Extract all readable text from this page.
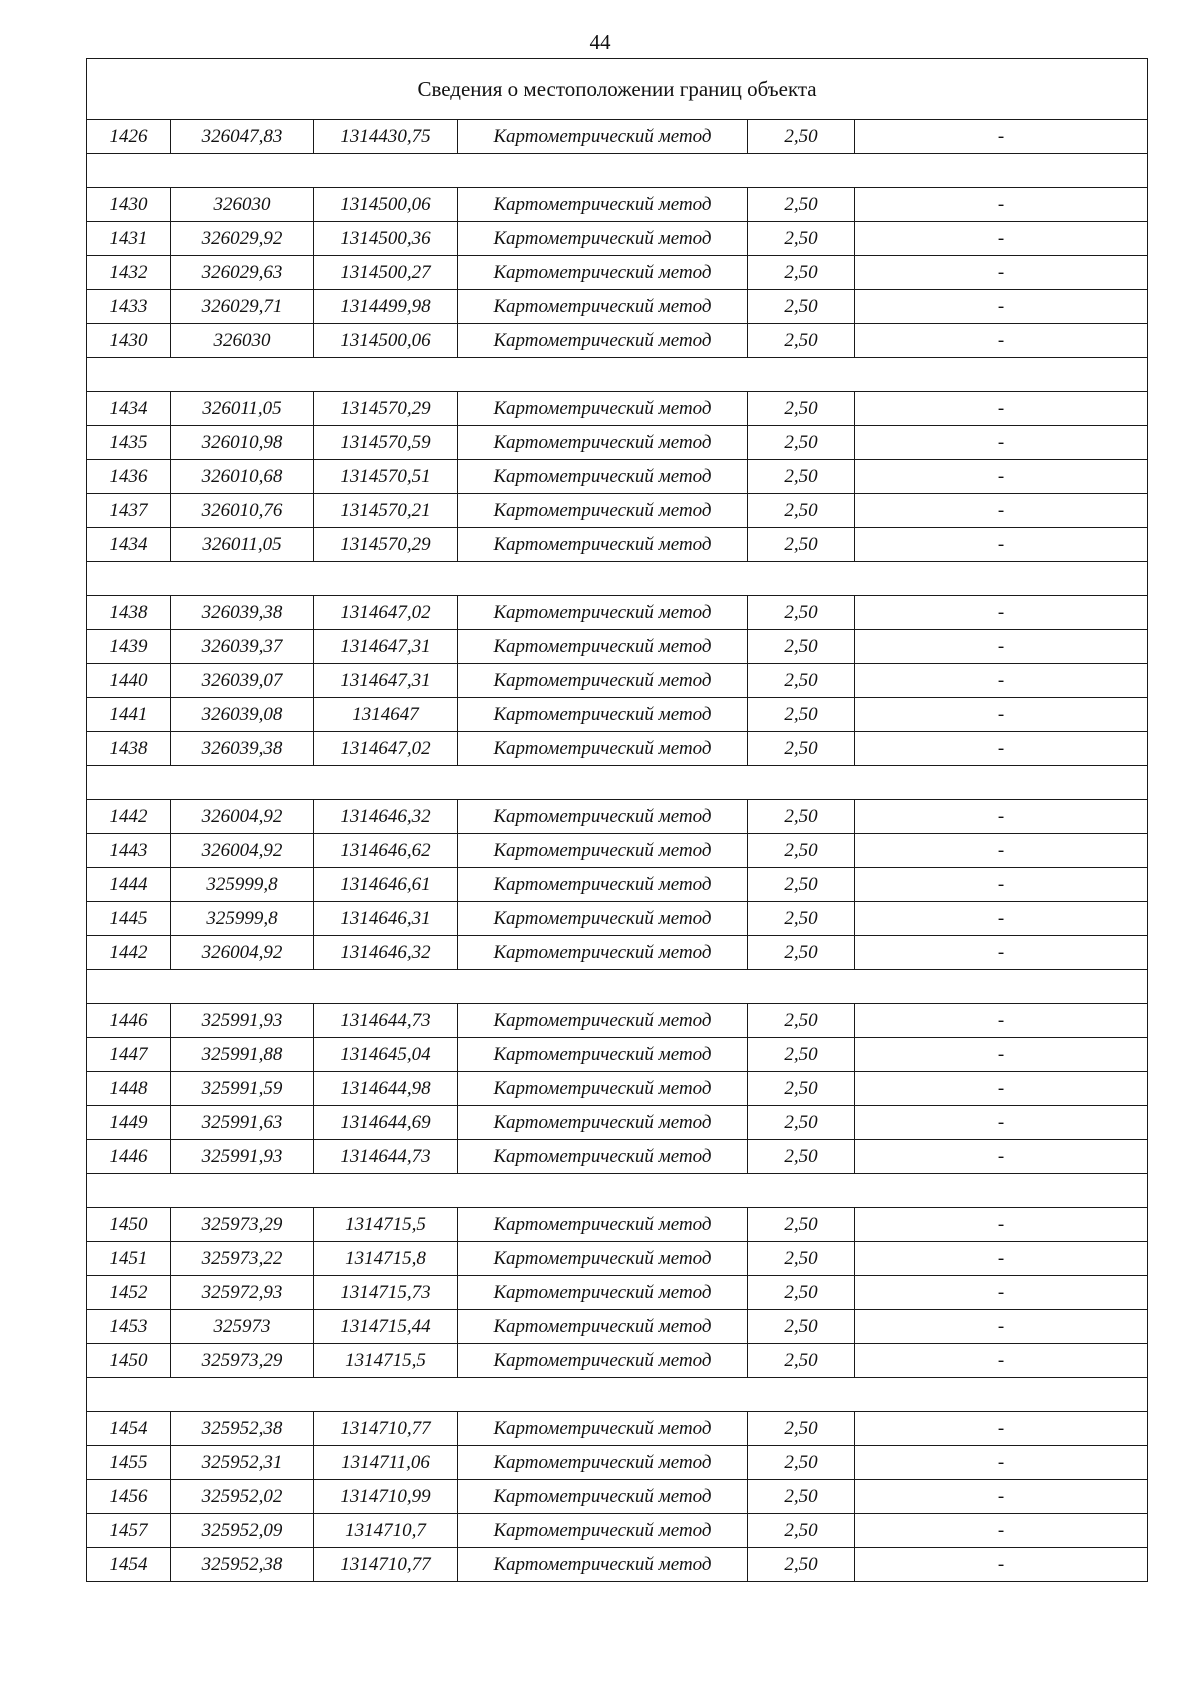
44
Сведения о местоположении границ объекта					
1426	326047,83	1314430,75	Картометрический метод	2,50	-

1430	326030	1314500,06	Картометрический метод	2,50	-
1431	326029,92	1314500,36	Картометрический метод	2,50	-
1432	326029,63	1314500,27	Картометрический метод	2,50	-
1433	326029,71	1314499,98	Картометрический метод	2,50	-
1430	326030	1314500,06	Картометрический метод	2,50	-

1434	326011,05	1314570,29	Картометрический метод	2,50	-
1435	326010,98	1314570,59	Картометрический метод	2,50	-
1436	326010,68	1314570,51	Картометрический метод	2,50	-
1437	326010,76	1314570,21	Картометрический метод	2,50	-
1434	326011,05	1314570,29	Картометрический метод	2,50	-

1438	326039,38	1314647,02	Картометрический метод	2,50	-
1439	326039,37	1314647,31	Картометрический метод	2,50	-
1440	326039,07	1314647,31	Картометрический метод	2,50	-
1441	326039,08	1314647	Картометрический метод	2,50	-
1438	326039,38	1314647,02	Картометрический метод	2,50	-

1442	326004,92	1314646,32	Картометрический метод	2,50	-
1443	326004,92	1314646,62	Картометрический метод	2,50	-
1444	325999,8	1314646,61	Картометрический метод	2,50	-
1445	325999,8	1314646,31	Картометрический метод	2,50	-
1442	326004,92	1314646,32	Картометрический метод	2,50	-

1446	325991,93	1314644,73	Картометрический метод	2,50	-
1447	325991,88	1314645,04	Картометрический метод	2,50	-
1448	325991,59	1314644,98	Картометрический метод	2,50	-
1449	325991,63	1314644,69	Картометрический метод	2,50	-
1446	325991,93	1314644,73	Картометрический метод	2,50	-

1450	325973,29	1314715,5	Картометрический метод	2,50	-
1451	325973,22	1314715,8	Картометрический метод	2,50	-
1452	325972,93	1314715,73	Картометрический метод	2,50	-
1453	325973	1314715,44	Картометрический метод	2,50	-
1450	325973,29	1314715,5	Картометрический метод	2,50	-

1454	325952,38	1314710,77	Картометрический метод	2,50	-
1455	325952,31	1314711,06	Картометрический метод	2,50	-
1456	325952,02	1314710,99	Картометрический метод	2,50	-
1457	325952,09	1314710,7	Картометрический метод	2,50	-
1454	325952,38	1314710,77	Картометрический метод	2,50	-
